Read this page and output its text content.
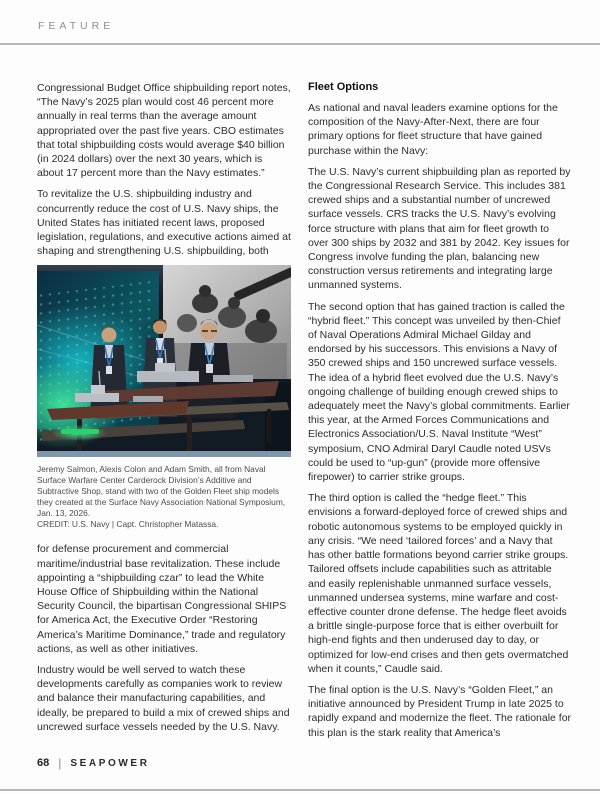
FEATURE

Congressional Budget Office shipbuilding report notes, “The Navy’s 2025 plan would cost 46 percent more annually in real terms than the average amount appropriated over the past five years. CBO estimates that total shipbuilding costs would average $40 billion (in 2024 dollars) over the next 30 years, which is about 17 percent more than the Navy estimates.”

To revitalize the U.S. shipbuilding industry and concurrently reduce the cost of U.S. Navy ships, the United States has initiated recent laws, proposed legislation, regulations, and executive actions aimed at shaping and strengthening U.S. shipbuilding, both

Jeremy Salmon, Alexis Colon and Adam Smith, all from Naval Surface Warfare Center Carderock Division’s Additive and Subtractive Shop, stand with two of the Golden Fleet ship models they created at the Surface Navy Association National Symposium, Jan. 13, 2026.
CREDIT: U.S. Navy | Capt. Christopher Matassa.

for defense procurement and commercial maritime/industrial base revitalization. These include appointing a “shipbuilding czar” to lead the White House Office of Shipbuilding within the National Security Council, the bipartisan Congressional SHIPS for America Act, the Executive Order “Restoring America’s Maritime Dominance,” trade and regulatory actions, as well as other initiatives.

Industry would be well served to watch these developments carefully as companies work to review and balance their manufacturing capabilities, and ideally, be prepared to build a mix of crewed ships and uncrewed surface vessels needed by the U.S. Navy.

Fleet Options

As national and naval leaders examine options for the composition of the Navy-After-Next, there are four primary options for fleet structure that have gained purchase within the Navy:

The U.S. Navy’s current shipbuilding plan as reported by the Congressional Research Service. This includes 381 crewed ships and a substantial number of uncrewed surface vessels. CRS tracks the U.S. Navy’s evolving force structure with plans that aim for fleet growth to over 300 ships by 2032 and 381 by 2042. Key issues for Congress involve funding the plan, balancing new construction versus retirements and integrating large unmanned systems.

The second option that has gained traction is called the “hybrid fleet.” This concept was unveiled by then-Chief of Naval Operations Admiral Michael Gilday and endorsed by his successors. This envisions a Navy of 350 crewed ships and 150 uncrewed surface vessels. The idea of a hybrid fleet evolved due the U.S. Navy’s ongoing challenge of building enough crewed ships to adequately meet the Navy’s global commitments. Earlier this year, at the Armed Forces Communications and Electronics Association/U.S. Naval Institute “West” symposium, CNO Admiral Daryl Caudle noted USVs could be used to “up-gun” (provide more offensive firepower) to carrier strike groups.

The third option is called the “hedge fleet.” This envisions a forward-deployed force of crewed ships and robotic autonomous systems to be employed quickly in any crisis. “We need ‘tailored forces’ and a Navy that has other battle formations beyond carrier strike groups. Tailored offsets include capabilities such as attritable and easily replenishable unmanned surface vessels, unmanned undersea systems, mine warfare and cost-effective counter drone defense. The hedge fleet avoids a brittle single-purpose force that is either overbuilt for high-end fights and then underused day to day, or optimized for low-end crises and then gets overmatched when it counts,” Caudle said.

The final option is the U.S. Navy’s “Golden Fleet,” an initiative announced by President Trump in late 2025 to rapidly expand and modernize the fleet. The rationale for this plan is the stark reality that America’s

68 | SEAPOWER
